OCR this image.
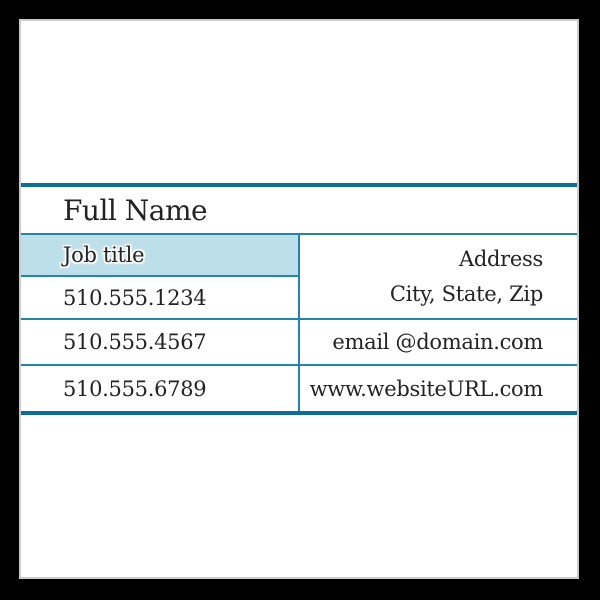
Full Name
Job title
510.555.1234
510.555.4567
510.555.6789
Address
City, State, Zip
email @domain.com
www.websiteURL.com
